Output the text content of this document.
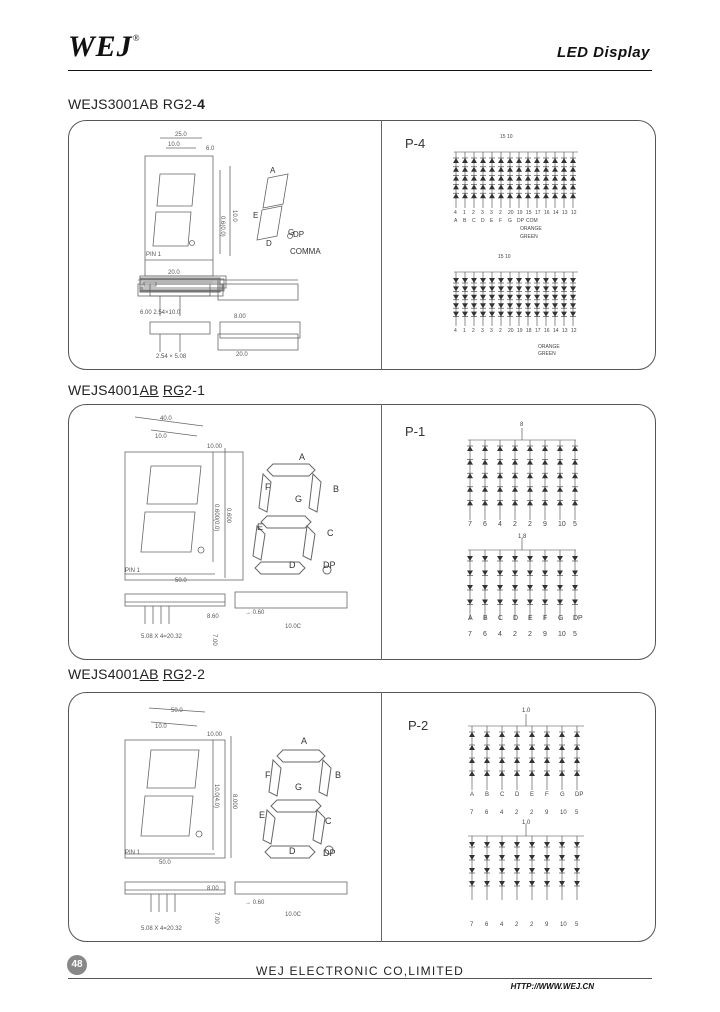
WEJ®
LED Display
WEJS3001AB RG2-4
P-4
25.0
10.0
6.0
10.0
0.6(0.0)
PIN 1
20.0
6.00 2.54×10.0
2.54 × 5.08
8.00
20.0
A
E
D
G
DP
COMMA
15 10
15 10
ORANGE
GREEN
ORANGE
GREEN
4 1 2 3 3 2 20 19 15 17 16 14 13 12
A B C D E F G DP COM
4 1 2 3 3 2 20 19 18 17 16 14 13 12
WEJS4001AB RG2-1
P-1
40.0
10.0
10.00
0.600(0.0) 0.600
PIN 1
50.0
5.08 X 4=20.32
8.60
→ 0.60
10.0C
7.00
A
B
C
D
E
F
G
DP
8
1,8
7 6 4 2 2 9 10 5
A B C D E F G DP
7 6 4 2 2 9 10 5
WEJS4001AB RG2-2
P-2
50.0
10.0
10.00
10.0(4.0) 8.000
PIN 1
50.0
5.08 X 4=20.32
8.00
→ 0.60
10.0C
7.00
A
B
C
D
E
F
G
DP
1.0
1.0
7 6 4 2 2 9 10 5
A B C D E F G DP
7 6 4 2 2 9 10 5
48	WEJ ELECTRONIC CO,LIMITED
HTTP://WWW.WEJ.CN
